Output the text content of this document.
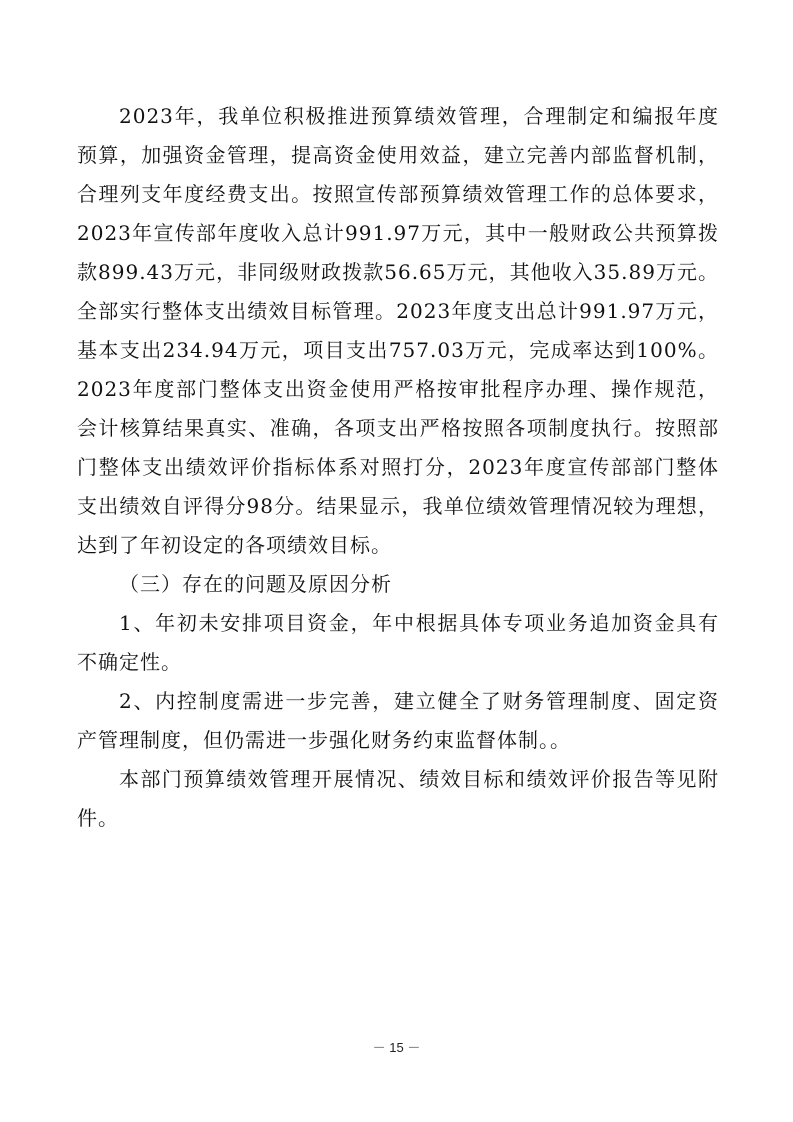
2023年，我单位积极推进预算绩效管理，合理制定和编报年度预算，加强资金管理，提高资金使用效益，建立完善内部监督机制，合理列支年度经费支出。按照宣传部预算绩效管理工作的总体要求，2023年宣传部年度收入总计991.97万元，其中一般财政公共预算拨款899.43万元，非同级财政拨款56.65万元，其他收入35.89万元。全部实行整体支出绩效目标管理。2023年度支出总计991.97万元，基本支出234.94万元，项目支出757.03万元，完成率达到100%。2023年度部门整体支出资金使用严格按审批程序办理、操作规范，会计核算结果真实、准确，各项支出严格按照各项制度执行。按照部门整体支出绩效评价指标体系对照打分，2023年度宣传部部门整体支出绩效自评得分98分。结果显示，我单位绩效管理情况较为理想，达到了年初设定的各项绩效目标。

（三）存在的问题及原因分析

1、年初未安排项目资金，年中根据具体专项业务追加资金具有不确定性。

2、内控制度需进一步完善，建立健全了财务管理制度、固定资产管理制度，但仍需进一步强化财务约束监督体制。。

本部门预算绩效管理开展情况、绩效目标和绩效评价报告等见附件。

－ 15 －
